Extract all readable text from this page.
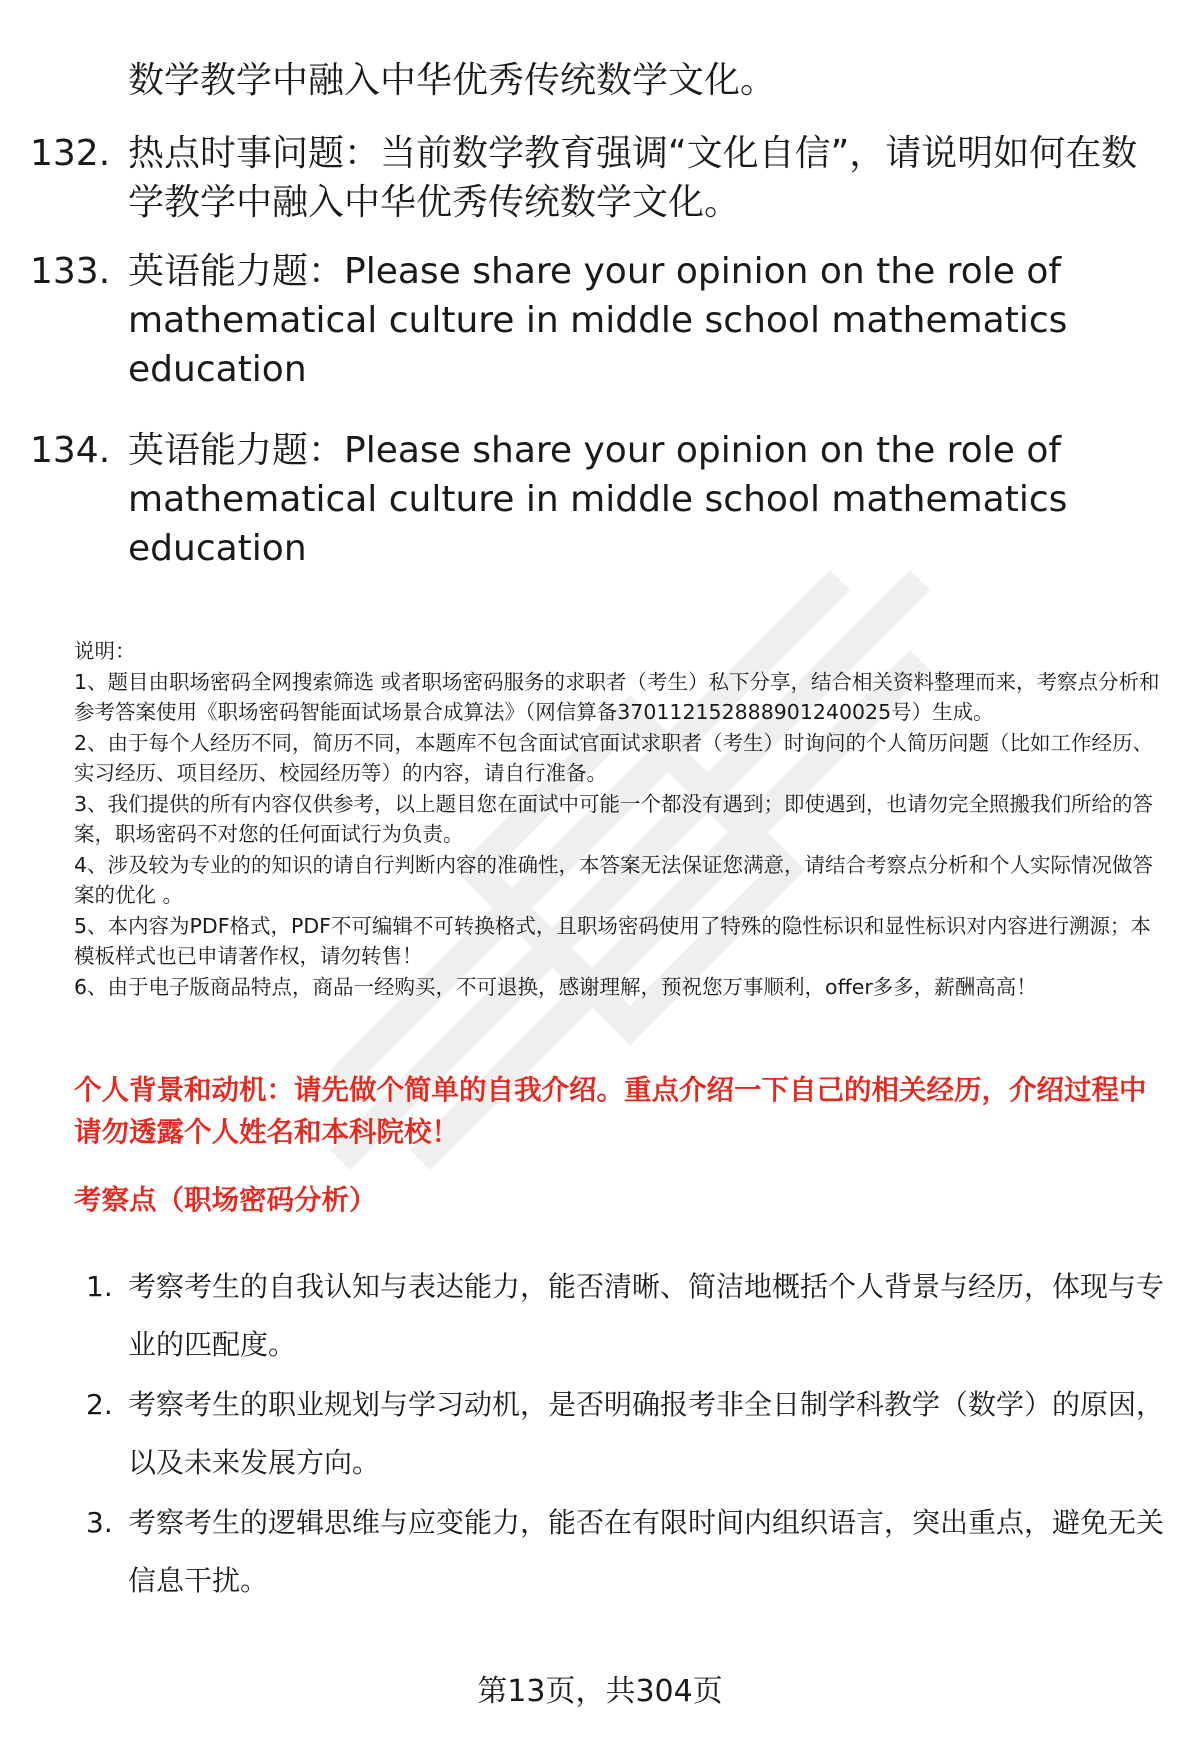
数学教学中融入中华优秀传统数学文化。
132. 热点时事问题：当前数学教育强调“文化自信”，请说明如何在数学教学中融入中华优秀传统数学文化。
133. 英语能力题：Please share your opinion on the role of mathematical culture in middle school mathematics education
134. 英语能力题：Please share your opinion on the role of mathematical culture in middle school mathematics education

说明：

1、题目由职场密码全网搜索筛选 或者职场密码服务的求职者（考生）私下分享，结合相关资料整理而来，考察点分析和参考答案使用《职场密码智能面试场景合成算法》（网信算备370112152888901240025号）生成。

2、由于每个人经历不同，简历不同，本题库不包含面试官面试求职者（考生）时询问的个人简历问题（比如工作经历、实习经历、项目经历、校园经历等）的内容，请自行准备。

3、我们提供的所有内容仅供参考，以上题目您在面试中可能一个都没有遇到；即使遇到，也请勿完全照搬我们所给的答案，职场密码不对您的任何面试行为负责。

4、涉及较为专业的的知识的请自行判断内容的准确性，本答案无法保证您满意，请结合考察点分析和个人实际情况做答案的优化 。

5、本内容为PDF格式，PDF不可编辑不可转换格式，且职场密码使用了特殊的隐性标识和显性标识对内容进行溯源；本模板样式也已申请著作权，请勿转售！

6、由于电子版商品特点，商品一经购买，不可退换，感谢理解，预祝您万事顺利，offer多多，薪酬高高！

个人背景和动机：请先做个简单的自我介绍。重点介绍一下自己的相关经历，介绍过程中请勿透露个人姓名和本科院校！
考察点（职场密码分析）
1. 考察考生的自我认知与表达能力，能否清晰、简洁地概括个人背景与经历，体现与专业的匹配度。
2. 考察考生的职业规划与学习动机，是否明确报考非全日制学科教学（数学）的原因，以及未来发展方向。
3. 考察考生的逻辑思维与应变能力，能否在有限时间内组织语言，突出重点，避免无关信息干扰。
第13页，共304页
